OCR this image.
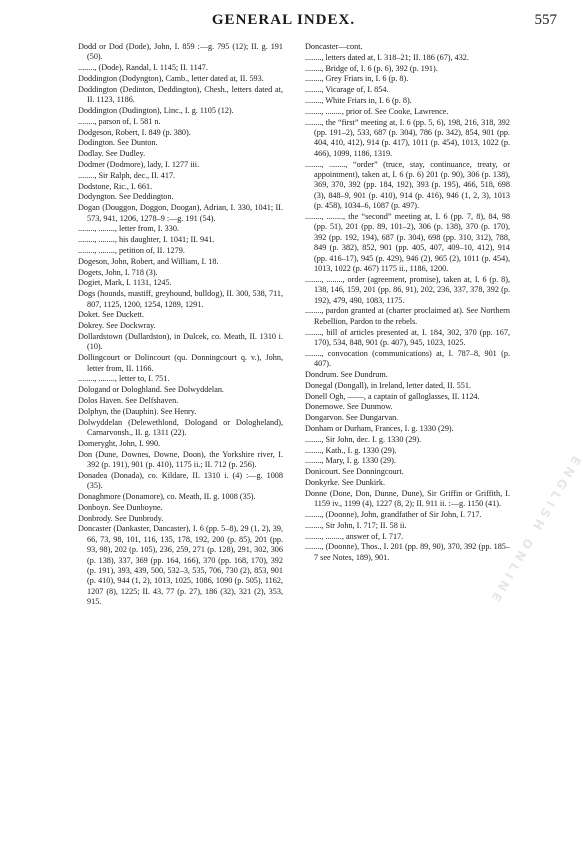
GENERAL INDEX.	557
Dodd or Dod (Dode), John, I. 859 :—g. 795 (12); II. g. 191 (50).
........, (Dode), Randal, I. 1145; II. 1147.
Doddington (Dodyngton), Camb., letter dated at, II. 593.
Doddington (Dedinton, Deddington), Chesh., letters dated at, II. 1123, 1186.
Doddington (Dudington), Linc., I. g. 1105 (12).
........, parson of, I. 581 n.
Dodgeson, Robert, I. 849 (p. 380).
Dodington. See Dunton.
Dodlay. See Dudley.
Dodmer (Dodmore), lady, I. 1277 iii.
........, Sir Ralph, dec., II. 417.
Dodstone, Ric., I. 661.
Dodyngton. See Deddington.
Dogan (Douggon, Doggon, Doogan), Adrian, I. 330, 1041; II. 573, 941, 1206, 1278–9 :—g. 191 (54).
........, ........, letter from, I. 330.
........, ........, his daughter, I. 1041; II. 941.
........, ........, petition of, II. 1279.
Dogeson, John, Robert, and William, I. 18.
Dogets, John, I. 718 (3).
Dogiet, Mark, I. 1131, 1245.
Dogs (hounds, mastiff, greyhound, bulldog), II. 300, 538, 711, 807, 1125, 1200, 1254, 1289, 1291.
Doket. See Duckett.
Dokrey. See Dockwray.
Dollardstown (Dullardston), in Dulcek, co. Meath, II. 1310 i. (10).
Dollingcourt or Dolincourt (qu. Donningcourt q. v.), John, letter from, II. 1166.
........, ........, letter to, I. 751.
Dologand or Dologhland. See Dolwyddelan.
Dolos Haven. See Delfshaven.
Dolphyn, the (Dauphin). See Henry.
Dolwyddelan (Delewethlond, Dologand or Dologheland), Carnarvonsh., II. g. 1311 (22).
Domeryght, John, I. 990.
Don (Dune, Downes, Downe, Doon), the Yorkshire river, I. 392 (p. 191), 901 (p. 410), 1175 ii.; II. 712 (p. 256).
Donadea (Donada), co. Kildare, II. 1310 i. (4) :—g. 1008 (35).
Donaghmore (Donamore), co. Meath, II. g. 1008 (35).
Donboyn. See Dunboyne.
Donbrody. See Dunbrody.
Doncaster (Dankaster, Dancaster), I. 6 (pp. 5–8), 29 (1, 2), 39, 66, 73, 98, 101, 116, 135, 178, 192, 200 (p. 85), 201 (pp. 93, 98), 202 (p. 105), 236, 259, 271 (p. 128), 291, 302, 306 (p. 138), 337, 369 (pp. 164, 166), 370 (pp. 168, 170), 392 (p. 191), 393, 439, 500, 532–3, 535, 706, 730 (2), 853, 901 (p. 410), 944 (1, 2), 1013, 1025, 1086, 1090 (p. 505), 1162, 1207 (8), 1225; II. 43, 77 (p. 27), 186 (32), 321 (2), 353, 915.
Doncaster—cont.
........, letters dated at, I. 318–21; II. 186 (67), 432.
........, Bridge of, I. 6 (p. 6), 392 (p. 191).
........, Grey Friars in, I. 6 (p. 8).
........, Vicarage of, I. 854.
........, White Friars in, I. 6 (p. 8).
........, ........, prior of. See Cooke, Lawrence.
........, the “first” meeting at, I. 6 (pp. 5, 6), 198, 216, 318, 392 (pp. 191–2), 533, 687 (p. 304), 786 (p. 342), 854, 901 (pp. 404, 410, 412), 914 (p. 417), 1011 (p. 454), 1013, 1022 (p. 466), 1099, 1186, 1319.
........, ........, “order” (truce, stay, continuance, treaty, or appointment), taken at, I. 6 (p. 6) 201 (p. 90), 306 (p. 138), 369, 370, 392 (pp. 184, 192), 393 (p. 195), 466, 518, 698 (3), 848–9, 901 (p. 410), 914 (p. 416), 946 (1, 2, 3), 1013 (p. 458), 1034–6, 1087 (p. 497).
........, ........, the “second” meeting at, I. 6 (pp. 7, 8), 84, 98 (pp. 51), 201 (pp. 89, 101–2), 306 (p. 138), 370 (p. 170), 392 (pp. 192, 194), 687 (p. 304), 698 (pp. 310, 312), 788, 849 (p. 382), 852, 901 (pp. 405, 407, 409–10, 412), 914 (pp. 416–17), 945 (p. 429), 946 (2), 965 (2), 1011 (p. 454), 1013, 1022 (p. 467) 1175 ii., 1186, 1200.
........, ........, order (agreement, promise), taken at, I. 6 (p. 8), 138, 146, 159, 201 (pp. 86, 91), 202, 236, 337, 378, 392 (p. 192), 479, 490, 1083, 1175.
........, pardon granted at (charter proclaimed at). See Northern Rebellion, Pardon to the rebels.
........, bill of articles presented at, I. 184, 302, 370 (pp. 167, 170), 534, 848, 901 (p. 407), 945, 1023, 1025.
........, convocation (communications) at, I. 787–8, 901 (p. 407).
Dondrum. See Dundrum.
Donegal (Dongall), in Ireland, letter dated, II. 551.
Donell Ogh, ——, a captain of galloglasses, II. 1124.
Donemowe. See Dunmow.
Dongarvon. See Dungarvan.
Donham or Durham, Frances, I. g. 1330 (29).
........, Sir John, dec. I. g. 1330 (29).
........, Kath., I. g. 1330 (29).
........, Mary, I. g. 1330 (29).
Donicourt. See Donningcourt.
Donkyrke. See Dunkirk.
Donne (Done, Don, Dunne, Dune), Sir Griffin or Griffith, I. 1159 iv., 1199 (4), 1227 (8, 2); II. 911 ii. :—g. 1150 (41).
........, (Doonne), John, grandfather of Sir John, I. 717.
........, Sir John, I. 717; II. 58 ii.
........, ........, answer of, I. 717.
........, (Doonne), Thos., I. 201 (pp. 89, 90), 370, 392 (pp. 185–7 see Notes, 189), 901.	ENGLISH ONLINE
